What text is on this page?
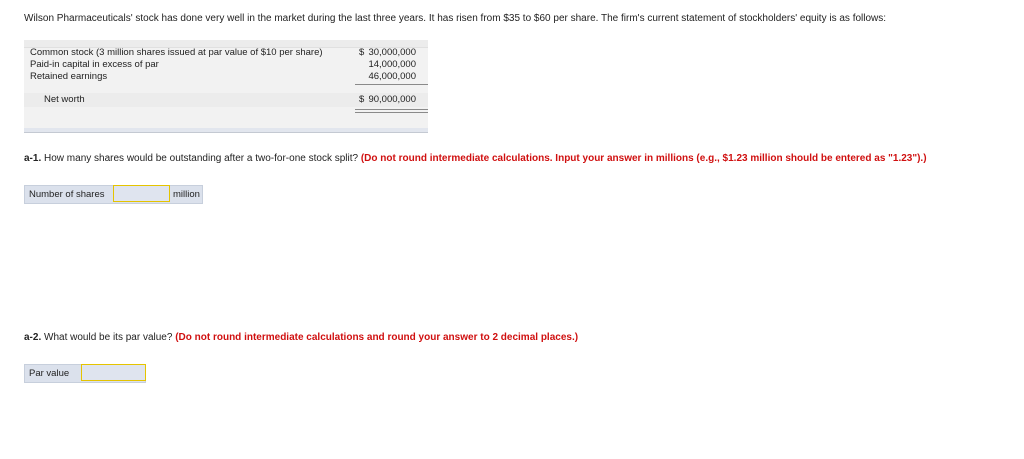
Wilson Pharmaceuticals' stock has done very well in the market during the last three years. It has risen from $35 to $60 per share. The firm's current statement of stockholders' equity is as follows:
Common stock (3 million shares issued at par value of $10 per share)	$ 30,000,000
Paid-in capital in excess of par	14,000,000
Retained earnings	46,000,000
Net worth	$ 90,000,000
a-1. How many shares would be outstanding after a two-for-one stock split? (Do not round intermediate calculations. Input your answer in millions (e.g., $1.23 million should be entered as "1.23").)
Number of shares	million
a-2. What would be its par value? (Do not round intermediate calculations and round your answer to 2 decimal places.)
Par value
